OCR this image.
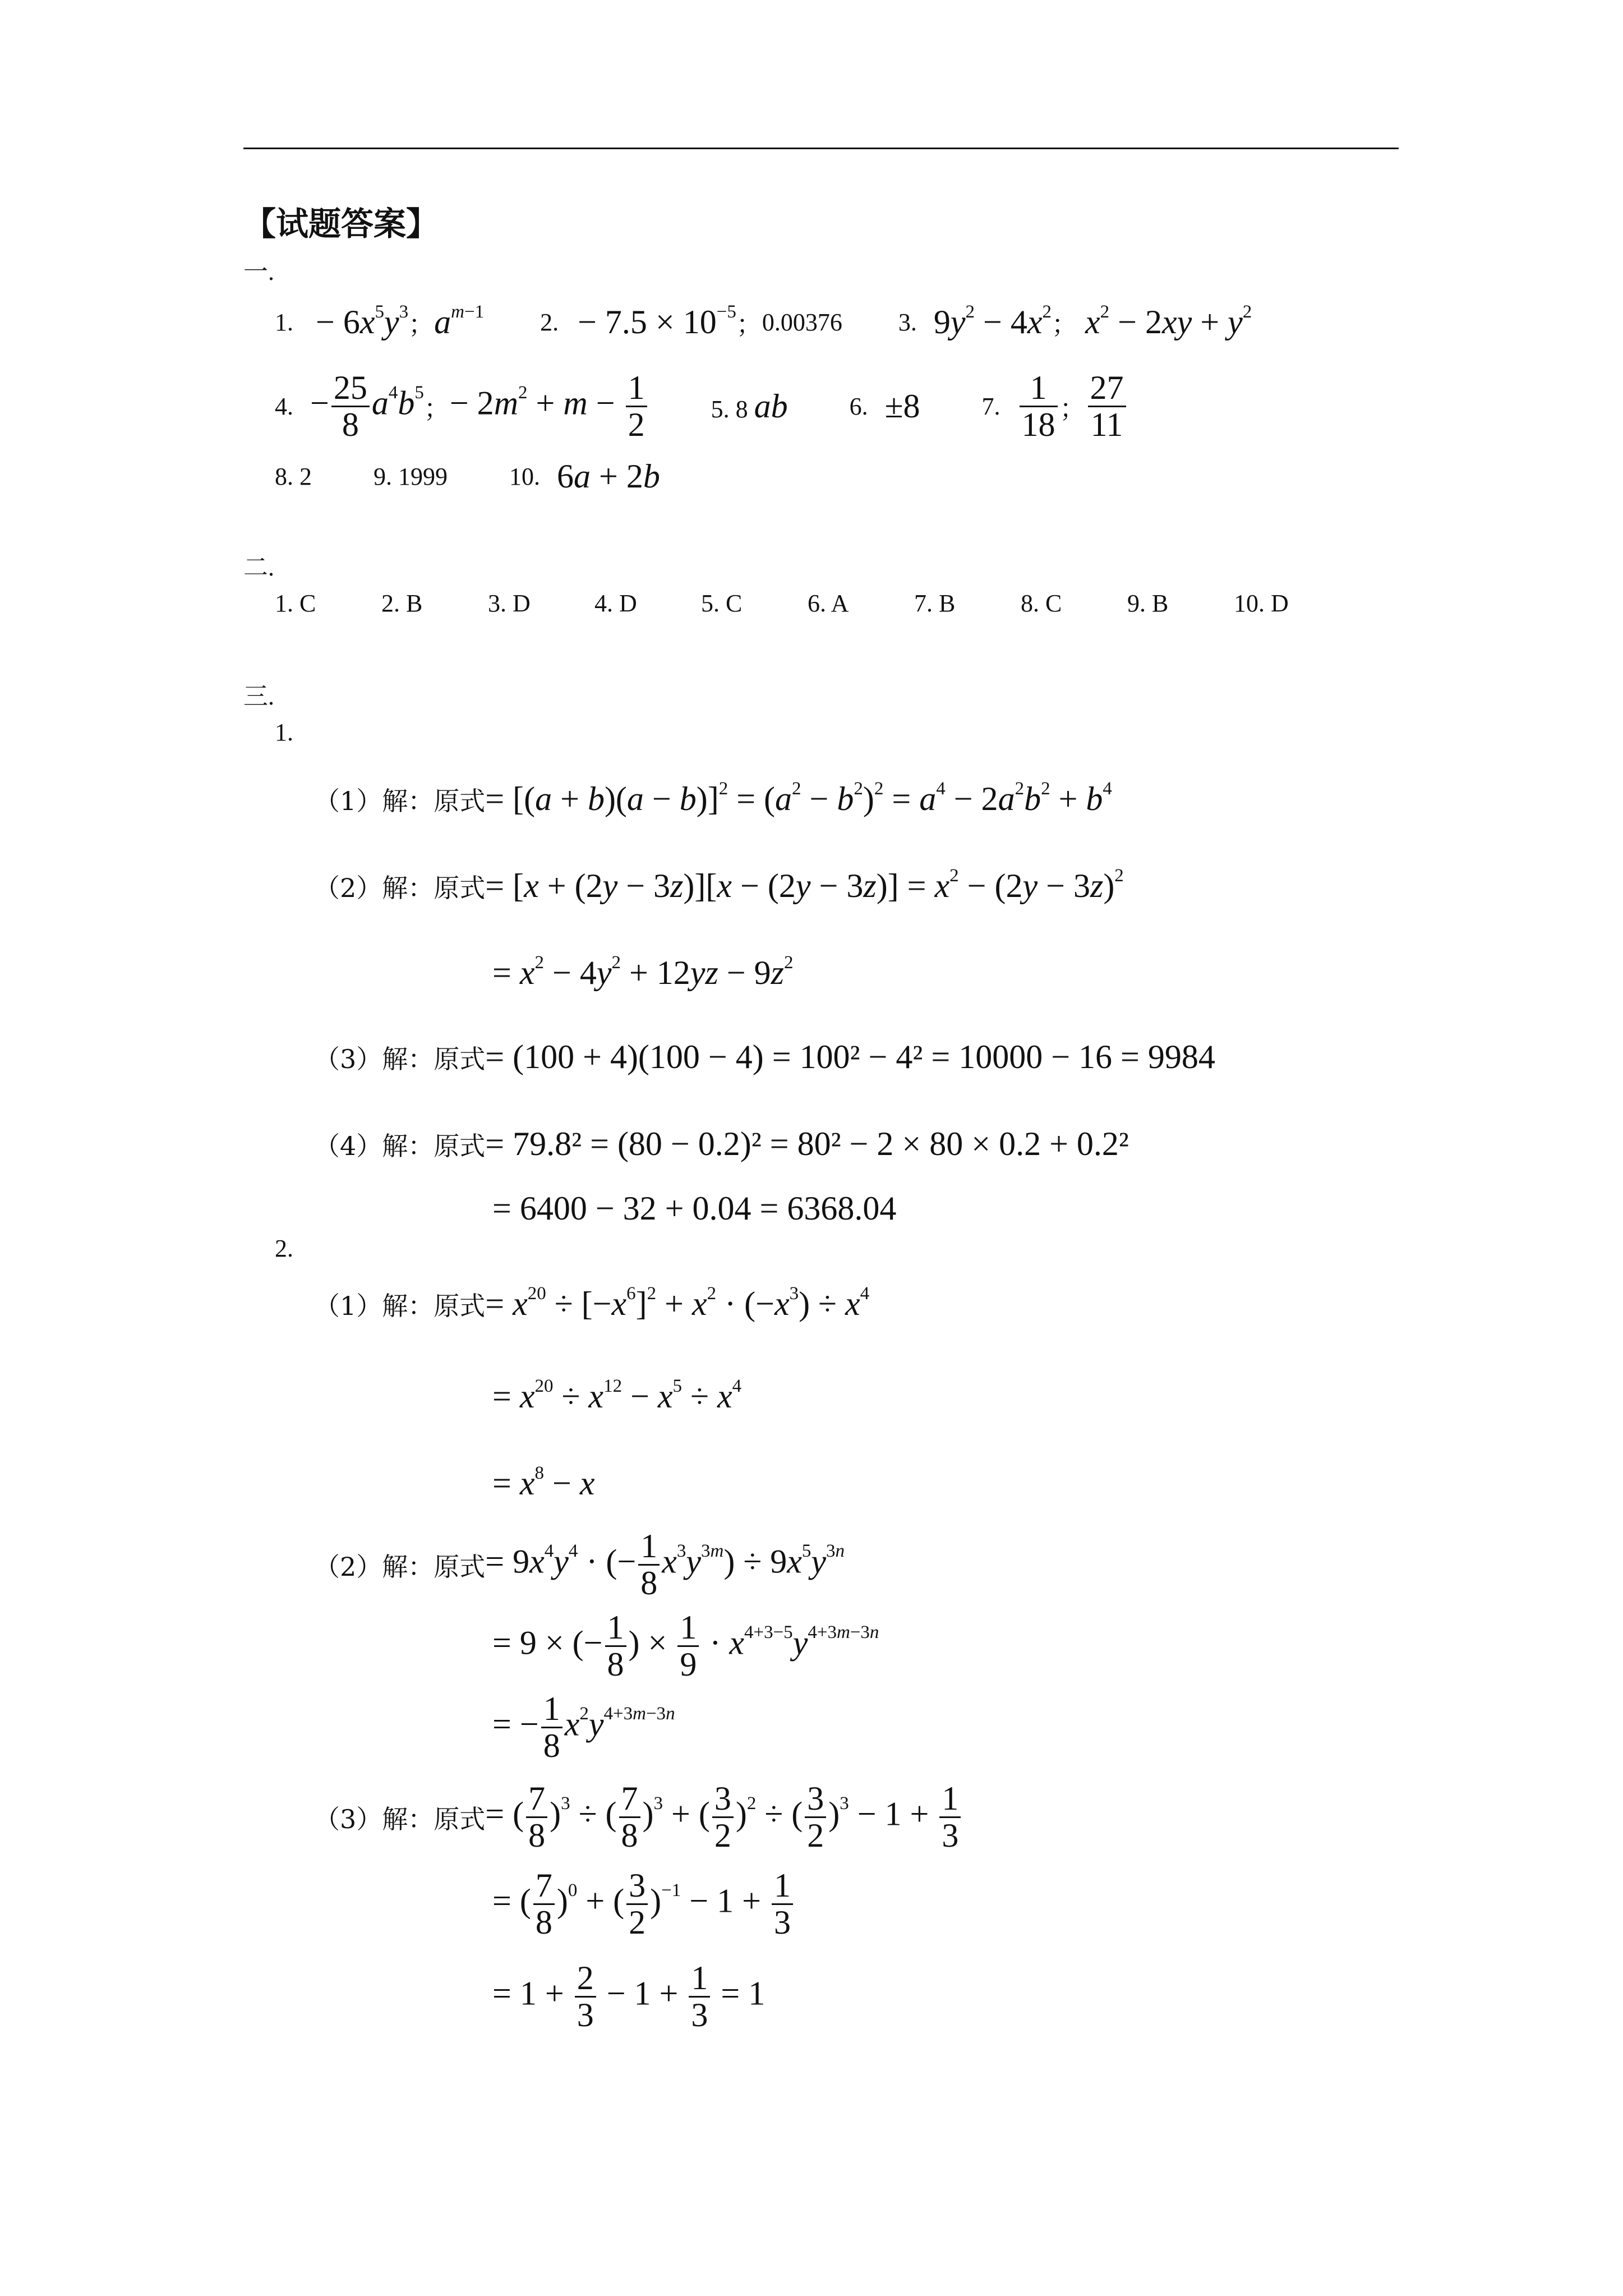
【试题答案】
一.
1. − $6x^5y^3$ ； $a^{m-1}$ 2. − $7.5 \times 10^{-5}$ ； 0.00376 3. $9y^2 - 4x^2$ ； $x^2 - 2xy + y^2$
4. − $\frac{25}{8} a^4b^5$
； − $2m^2 + m - \frac{1}{2}$	5. 8 ab	6. ±8	7. $\frac{1}{18}$ ； $\frac{27}{11}$
8. 2	9. 1999	10. 6a + 2b
二.
1. C	2. B	3. D	4. D	5. C	6. A	7. B	8. C	9. B	10. D
三.
1.
（1）解：原式 = $[(a + b)(a - b)]^2 = (a^2 - b^2)^2 = a^4 - 2a^2b^2 + b^4$
（2）解：原式 = $[x + (2y - 3z)][x - (2y - 3z)] = x^2 - (2y - 3z)^2$
= $x^2 - 4y^2 + 12yz - 9z^2$
（3）解：原式 = (100 + 4)(100 − 4) = 100² − 4² = 10000 − 16 = 9984
（4）解：原式 = 79.8² = (80 − 0.2)² = 80² − 2 × 80 × 0.2 + 0.2²
= 6400 − 32 + 0.04 = 6368.04
2.
（1）解：原式 = $x^{20} \div [-x^6]^2 + x^2 \cdot (-x^3) \div x^4$
= $x^{20} \div x^{12} - x^5 \div x^4$
= $x^8 - x$
（2）解：原式 = $9x^4y^4$ · (− $\frac{1}{8} x^3y^{3m}) \div 9x^5y^{3n}$
= 9 × (− $\frac{1}{8}$ ) × $\frac{1}{9} \cdot x^{4+3-5}y^{4+3m-3n}$
= − $\frac{1}{8} x^2y^{4+3m-3n}$
（3）解：原式 = ( $\frac{7}{8} )^3$ ÷ ( $\frac{7}{8} )^3$ + ( $\frac{3}{2} )^2$ ÷ ( $\frac{3}{2} )^3 - 1 + \frac{1}{3}$
= ( $\frac{7}{8} )^0$ + ( $\frac{3}{2} )^{-1} - 1 + \frac{1}{3}$
= $1 + \frac{2}{3} - 1 + \frac{1}{3} = 1$
